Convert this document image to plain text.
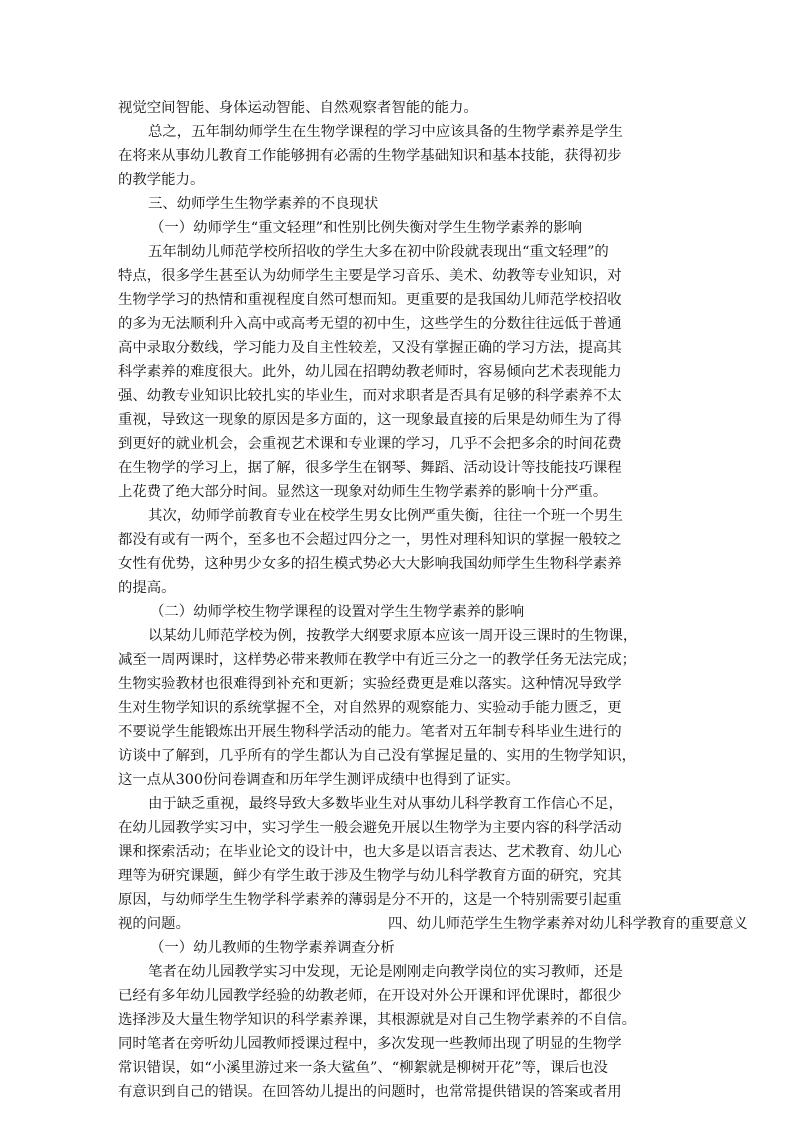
视觉空间智能、身体运动智能、自然观察者智能的能力。
总之，五年制幼师学生在生物学课程的学习中应该具备的生物学素养是学生
在将来从事幼儿教育工作能够拥有必需的生物学基础知识和基本技能，获得初步
的教学能力。
三、幼师学生生物学素养的不良现状
（一）幼师学生“重文轻理”和性别比例失衡对学生生物学素养的影响
五年制幼儿师范学校所招收的学生大多在初中阶段就表现出“重文轻理”的
特点，很多学生甚至认为幼师学生主要是学习音乐、美术、幼教等专业知识，对
生物学学习的热情和重视程度自然可想而知。更重要的是我国幼儿师范学校招收
的多为无法顺利升入高中或高考无望的初中生，这些学生的分数往往远低于普通
高中录取分数线，学习能力及自主性较差，又没有掌握正确的学习方法，提高其
科学素养的难度很大。此外，幼儿园在招聘幼教老师时，容易倾向艺术表现能力
强、幼教专业知识比较扎实的毕业生，而对求职者是否具有足够的科学素养不太
重视，导致这一现象的原因是多方面的，这一现象最直接的后果是幼师生为了得
到更好的就业机会，会重视艺术课和专业课的学习，几乎不会把多余的时间花费
在生物学的学习上，据了解，很多学生在钢琴、舞蹈、活动设计等技能技巧课程
上花费了绝大部分时间。显然这一现象对幼师生生物学素养的影响十分严重。
其次，幼师学前教育专业在校学生男女比例严重失衡，往往一个班一个男生
都没有或有一两个，至多也不会超过四分之一，男性对理科知识的掌握一般较之
女性有优势，这种男少女多的招生模式势必大大影响我国幼师学生生物科学素养
的提高。
（二）幼师学校生物学课程的设置对学生生物学素养的影响
以某幼儿师范学校为例，按教学大纲要求原本应该一周开设三课时的生物课，
减至一周两课时，这样势必带来教师在教学中有近三分之一的教学任务无法完成；
生物实验教材也很难得到补充和更新；实验经费更是难以落实。这种情况导致学
生对生物学知识的系统掌握不全，对自然界的观察能力、实验动手能力匮乏，更
不要说学生能锻炼出开展生物科学活动的能力。笔者对五年制专科毕业生进行的
访谈中了解到，几乎所有的学生都认为自己没有掌握足量的、实用的生物学知识，
这一点从300份问卷调查和历年学生测评成绩中也得到了证实。
由于缺乏重视，最终导致大多数毕业生对从事幼儿科学教育工作信心不足，
在幼儿园教学实习中，实习学生一般会避免开展以生物学为主要内容的科学活动
课和探索活动；在毕业论文的设计中，也大多是以语言表达、艺术教育、幼儿心
理等为研究课题，鲜少有学生敢于涉及生物学与幼儿科学教育方面的研究，究其
原因，与幼师学生生物学科学素养的薄弱是分不开的，这是一个特别需要引起重
视的问题。	四、幼儿师范学生生物学素养对幼儿科学教育的重要意义
（一）幼儿教师的生物学素养调查分析
笔者在幼儿园教学实习中发现，无论是刚刚走向教学岗位的实习教师，还是
已经有多年幼儿园教学经验的幼教老师，在开设对外公开课和评优课时，都很少
选择涉及大量生物学知识的科学素养课，其根源就是对自己生物学素养的不自信。
同时笔者在旁听幼儿园教师授课过程中，多次发现一些教师出现了明显的生物学
常识错误，如“小溪里游过来一条大鲨鱼”、“柳絮就是柳树开花”等，课后也没
有意识到自己的错误。在回答幼儿提出的问题时，也常常提供错误的答案或者用
